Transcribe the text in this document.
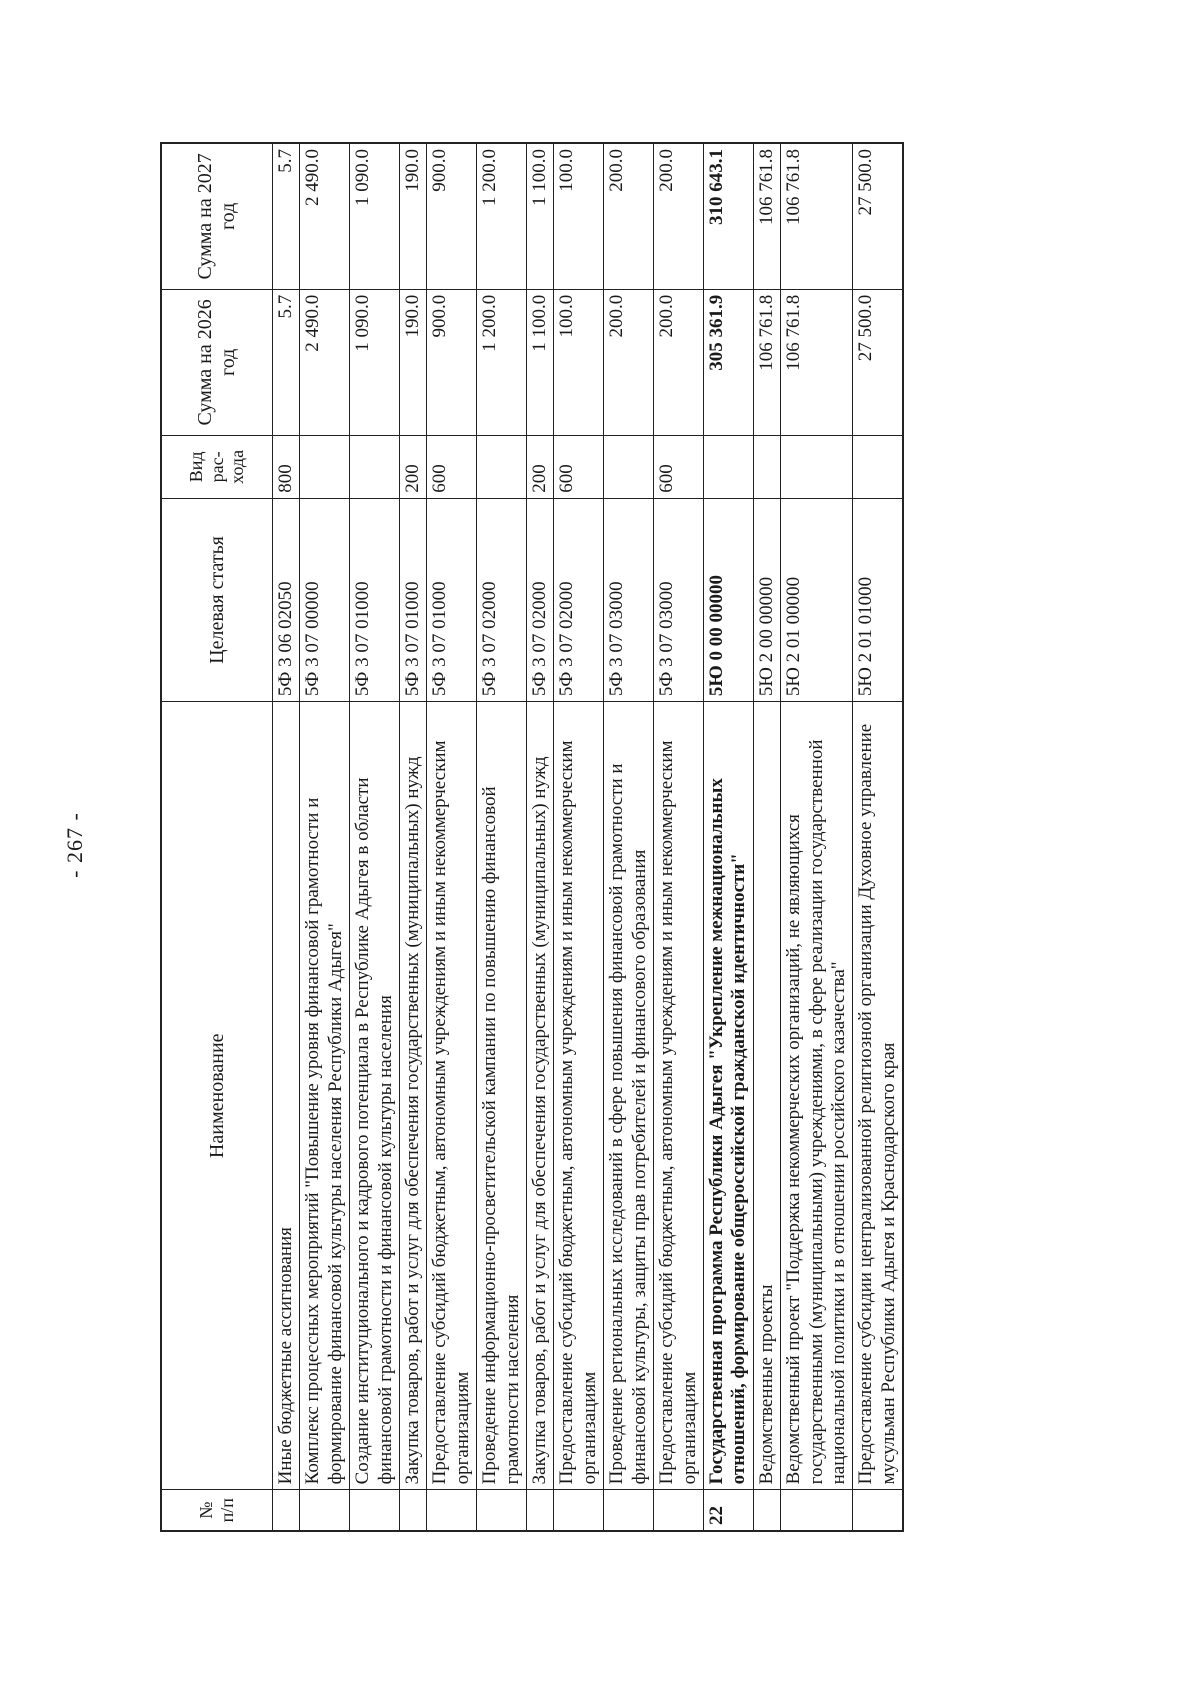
- 267 -
№ п/п	Наименование	Целевая статья	Вид рас-хода	Сумма на 2026 год	Сумма на 2027 год
	Иные бюджетные ассигнования	5Ф 3 06 02050	800	5.7	5.7
	Комплекс процессных мероприятий "Повышение уровня финансовой грамотности и формирование финансовой культуры населения Республики Адыгея"	5Ф 3 07 00000		2 490.0	2 490.0
	Создание институционального и кадрового потенциала в Республике Адыгея в области финансовой грамотности и финансовой культуры населения	5Ф 3 07 01000		1 090.0	1 090.0
	Закупка товаров, работ и услуг для обеспечения государственных (муниципальных) нужд	5Ф 3 07 01000	200	190.0	190.0
	Предоставление субсидий бюджетным, автономным учреждениям и иным некоммерческим организациям	5Ф 3 07 01000	600	900.0	900.0
	Проведение информационно-просветительской кампании по повышению финансовой грамотности населения	5Ф 3 07 02000		1 200.0	1 200.0
	Закупка товаров, работ и услуг для обеспечения государственных (муниципальных) нужд	5Ф 3 07 02000	200	1 100.0	1 100.0
	Предоставление субсидий бюджетным, автономным учреждениям и иным некоммерческим организациям	5Ф 3 07 02000	600	100.0	100.0
	Проведение региональных исследований в сфере повышения финансовой грамотности и финансовой культуры, защиты прав потребителей и финансового образования	5Ф 3 07 03000		200.0	200.0
	Предоставление субсидий бюджетным, автономным учреждениям и иным некоммерческим организациям	5Ф 3 07 03000	600	200.0	200.0
22	Государственная программа Республики Адыгея "Укрепление межнациональных отношений, формирование общероссийской гражданской идентичности"	5Ю 0 00 00000		305 361.9	310 643.1
	Ведомственные проекты	5Ю 2 00 00000		106 761.8	106 761.8
	Ведомственный проект "Поддержка некоммерческих организаций, не являющихся государственными (муниципальными) учреждениями, в сфере реализации государственной национальной политики и в отношении российского казачества"	5Ю 2 01 00000		106 761.8	106 761.8
	Предоставление субсидии централизованной религиозной организации Духовное управление мусульман Республики Адыгея и Краснодарского края	5Ю 2 01 01000		27 500.0	27 500.0
